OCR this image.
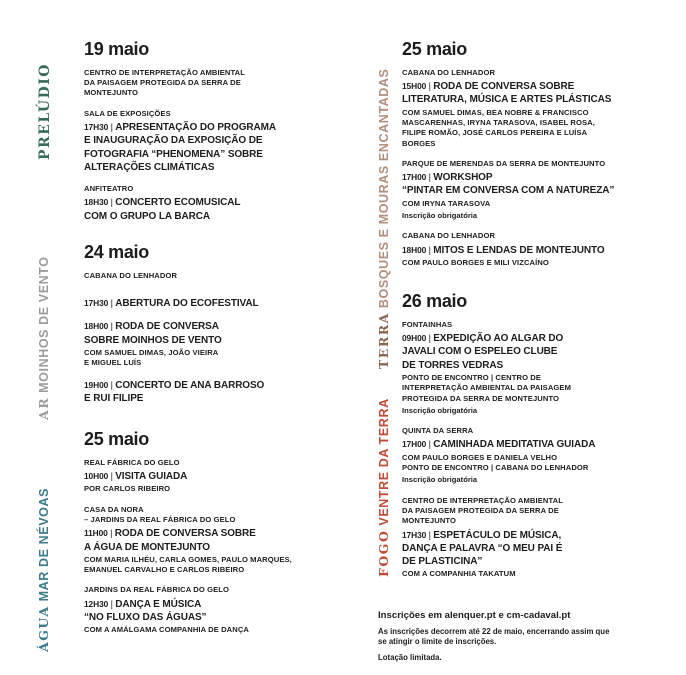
PRELÚDIO
19 maio
CENTRO DE INTERPRETAÇÃO AMBIENTAL
DA PAISAGEM PROTEGIDA DA SERRA DE
MONTEJUNTO
SALA DE EXPOSIÇÕES

17H30 | APRESENTAÇÃO DO PROGRAMA
E INAUGURAÇÃO DA EXPOSIÇÃO DE
FOTOGRAFIA “PHENOMENA” SOBRE
ALTERAÇÕES CLIMÁTICAS

ANFITEATRO

18H30 | CONCERTO ECOMUSICAL
COM O GRUPO LA BARCA

AR MOINHOS DE VENTO
24 maio
CABANA DO LENHADOR

17H30 | ABERTURA DO ECOFESTIVAL

18H00 | RODA DE CONVERSA
SOBRE MOINHOS DE VENTO

COM SAMUEL DIMAS, JOÃO VIEIRA
E MIGUEL LUÍS

19H00 | CONCERTO DE ANA BARROSO
E RUI FILIPE

ÁGUA MAR DE NÉVOAS
25 maio
REAL FÁBRICA DO GELO

10H00 | VISITA GUIADA

POR CARLOS RIBEIRO
CASA DA NORA
– JARDINS DA REAL FÁBRICA DO GELO

11H00 | RODA DE CONVERSA SOBRE
A ÁGUA DE MONTEJUNTO

COM MARIA ILHÉU, CARLA GOMES, PAULO MARQUES,
EMANUEL CARVALHO E CARLOS RIBEIRO
JARDINS DA REAL FÁBRICA DO GELO

12H30 | DANÇA E MÚSICA
“NO FLUXO DAS ÁGUAS”

COM A AMÁLGAMA COMPANHIA DE DANÇA
TERRA BOSQUES E MOURAS ENCANTADAS
25 maio
CABANA DO LENHADOR

15H00 | RODA DE CONVERSA SOBRE
LITERATURA, MÚSICA E ARTES PLÁSTICAS

COM SAMUEL DIMAS, BEA NOBRE & FRANCISCO
MASCARENHAS, IRYNA TARASOVA, ISABEL ROSA,
FILIPE ROMÃO, JOSÉ CARLOS PEREIRA E LUÍSA
BORGES
PARQUE DE MERENDAS DA SERRA DE MONTEJUNTO

17H00 | WORKSHOP
“PINTAR EM CONVERSA COM A NATUREZA”

COM IRYNA TARASOVA
Inscrição obrigatória
CABANA DO LENHADOR

18H00 | MITOS E LENDAS DE MONTEJUNTO

COM PAULO BORGES E MILI VIZCAÍNO
FOGO VENTRE DA TERRA
26 maio
FONTAINHAS

09H00 | EXPEDIÇÃO AO ALGAR DO
JAVALI COM O ESPELEO CLUBE
DE TORRES VEDRAS

PONTO DE ENCONTRO | CENTRO DE
INTERPRETAÇÃO AMBIENTAL DA PAISAGEM
PROTEGIDA DA SERRA DE MONTEJUNTO
Inscrição obrigatória
QUINTA DA SERRA

17H00 | CAMINHADA MEDITATIVA GUIADA

COM PAULO BORGES E DANIELA VELHO
PONTO DE ENCONTRO | CABANA DO LENHADOR
Inscrição obrigatória
CENTRO DE INTERPRETAÇÃO AMBIENTAL
DA PAISAGEM PROTEGIDA DA SERRA DE
MONTEJUNTO

17H30 | ESPETÁCULO DE MÚSICA,
DANÇA E PALAVRA “O MEU PAI É
DE PLASTICINA”

COM A COMPANHIA TAKATUM
Inscrições em alenquer.pt e cm-cadaval.pt
As inscrições decorrem até 22 de maio, encerrando assim que
se atingir o limite de inscrições.
Lotação limitada.
